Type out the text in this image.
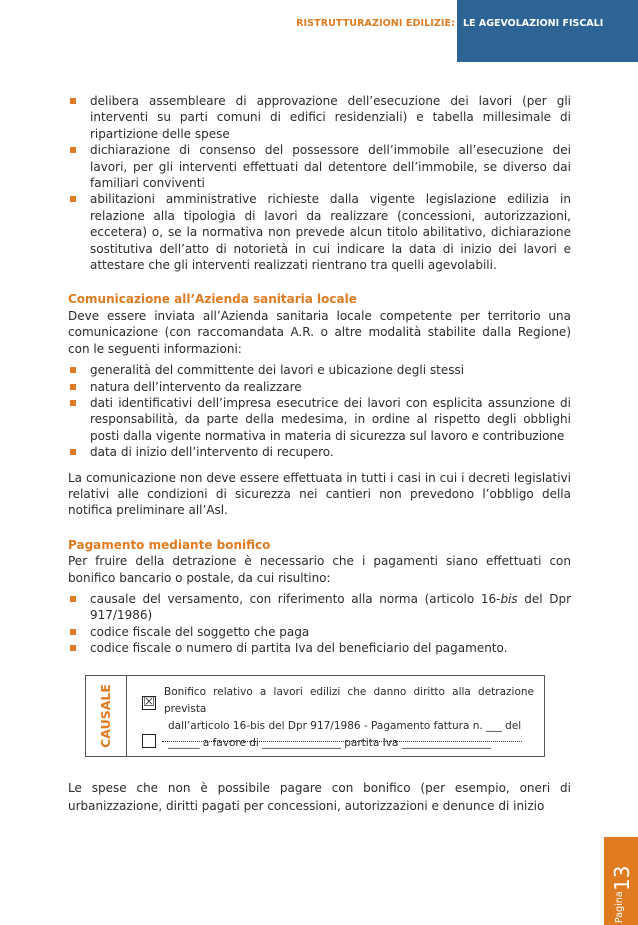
RISTRUTTURAZIONI EDILIZIE: LE AGEVOLAZIONI FISCALI
delibera assembleare di approvazione dell’esecuzione dei lavori (per gli interventi su parti comuni di edifici residenziali) e tabella millesimale di ripartizione delle spese
dichiarazione di consenso del possessore dell’immobile all’esecuzione dei lavori, per gli interventi effettuati dal detentore dell’immobile, se diverso dai familiari conviventi
abilitazioni amministrative richieste dalla vigente legislazione edilizia in relazione alla tipologia di lavori da realizzare (concessioni, autorizzazioni, eccetera) o, se la normativa non prevede alcun titolo abilitativo, dichiarazione sostitutiva dell’atto di notorietà in cui indicare la data di inizio dei lavori e attestare che gli interventi realizzati rientrano tra quelli agevolabili.
Comunicazione all’Azienda sanitaria locale

Deve essere inviata all’Azienda sanitaria locale competente per territorio una comunicazione (con raccomandata A.R. o altre modalità stabilite dalla Regione) con le seguenti informazioni:

generalità del committente dei lavori e ubicazione degli stessi
natura dell’intervento da realizzare
dati identificativi dell’impresa esecutrice dei lavori con esplicita assunzione di responsabilità, da parte della medesima, in ordine al rispetto degli obblighi posti dalla vigente normativa in materia di sicurezza sul lavoro e contribuzione
data di inizio dell’intervento di recupero.

La comunicazione non deve essere effettuata in tutti i casi in cui i decreti legislativi relativi alle condizioni di sicurezza nei cantieri non prevedono l’obbligo della notifica preliminare all’Asl.

Pagamento mediante bonifico

Per fruire della detrazione è necessario che i pagamenti siano effettuati con bonifico bancario o postale, da cui risultino:

causale del versamento, con riferimento alla norma (articolo 16-bis del Dpr 917/1986)
codice fiscale del soggetto che paga
codice fiscale o numero di partita Iva del beneficiario del pagamento.
CAUSALE ☒
Bonifico relativo a lavori edilizi che danno diritto alla detrazione prevista
dall’articolo 16-bis del Dpr 917/1986 - Pagamento fattura n. ___ del
______ a favore di _______________ partita Iva _________________

Le spese che non è possibile pagare con bonifico (per esempio, oneri di urbanizzazione, diritti pagati per concessioni, autorizzazioni e denunce di inizio

Pagina
13
